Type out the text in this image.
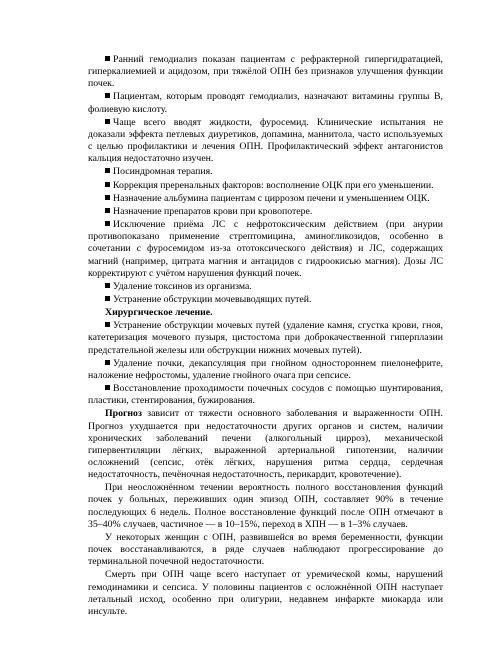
Ранний гемодиализ показан пациентам с рефрактерной гипергидратацией, гиперкалиемией и ацидозом, при тяжёлой ОПН без признаков улучшения функции почек.

Пациентам, которым проводят гемодиализ, назначают витамины группы В, фолиевую кислоту.

Чаще всего вводят жидкости, фуросемид. Клинические испытания не доказали эффекта петлевых диуретиков, допамина, маннитола, часто используемых с целью профилактики и лечения ОПН. Профилактический эффект антагонистов кальция недостаточно изучен.

Посиндромная терапия.

Коррекция преренальных факторов: восполнение ОЦК при его уменьшении.

Назначение альбумина пациентам с циррозом печени и уменьшением ОЦК.

Назначение препаратов крови при кровопотере.

Исключение приёма ЛС с нефротоксическим действием (при анурии противопоказано применение стрептомицина, аминогликозидов, особенно в сочетании с фуросемидом из-за ототоксического действия) и ЛС, содержащих магний (например, цитрата магния и антацидов с гидроокисью магния). Дозы ЛС корректируют с учётом нарушения функций почек.

Удаление токсинов из организма.

Устранение обструкции мочевыводящих путей.

Хирургическое лечение.

Устранение обструкции мочевых путей (удаление камня, сгустка крови, гноя, катетеризация мочевого пузыря, цистостома при доброкачественной гиперплазии предстательной железы или обструкции нижних мочевых путей).

Удаление почки, декапсуляция при гнойном одностороннем пиелонефрите, наложение нефростомы, удаление гнойного очага при сепсисе.

Восстановление проходимости почечных сосудов с помощью шунтирования, пластики, стентирования, бужирования.

Прогноз зависит от тяжести основного заболевания и выраженности ОПН. Прогноз ухудшается при недостаточности других органов и систем, наличии хронических заболеваний печени (алкогольный цирроз), механической гипервентиляции лёгких, выраженной артериальной гипотензии, наличии осложнений (сепсис, отёк лёгких, нарушения ритма сердца, сердечная недостаточность, печёночная недостаточность, перикардит, кровотечение).

При неосложнённом течении вероятность полного восстановления функций почек у больных, переживших один эпизод ОПН, составляет 90% в течение последующих 6 недель. Полное восстановление функций после ОПН отмечают в 35–40% случаев, частичное — в 10–15%, переход в ХПН — в 1–3% случаев.

У некоторых женщин с ОПН, развившейся во время беременности, функции почек восстанавливаются, в ряде случаев наблюдают прогрессирование до терминальной почечной недостаточности.

Смерть при ОПН чаще всего наступает от уремической комы, нарушений гемодинамики и сепсиса. У половины пациентов с осложнённой ОПН наступает летальный исход, особенно при олигурии, недавнем инфаркте миокарда или инсульте.
